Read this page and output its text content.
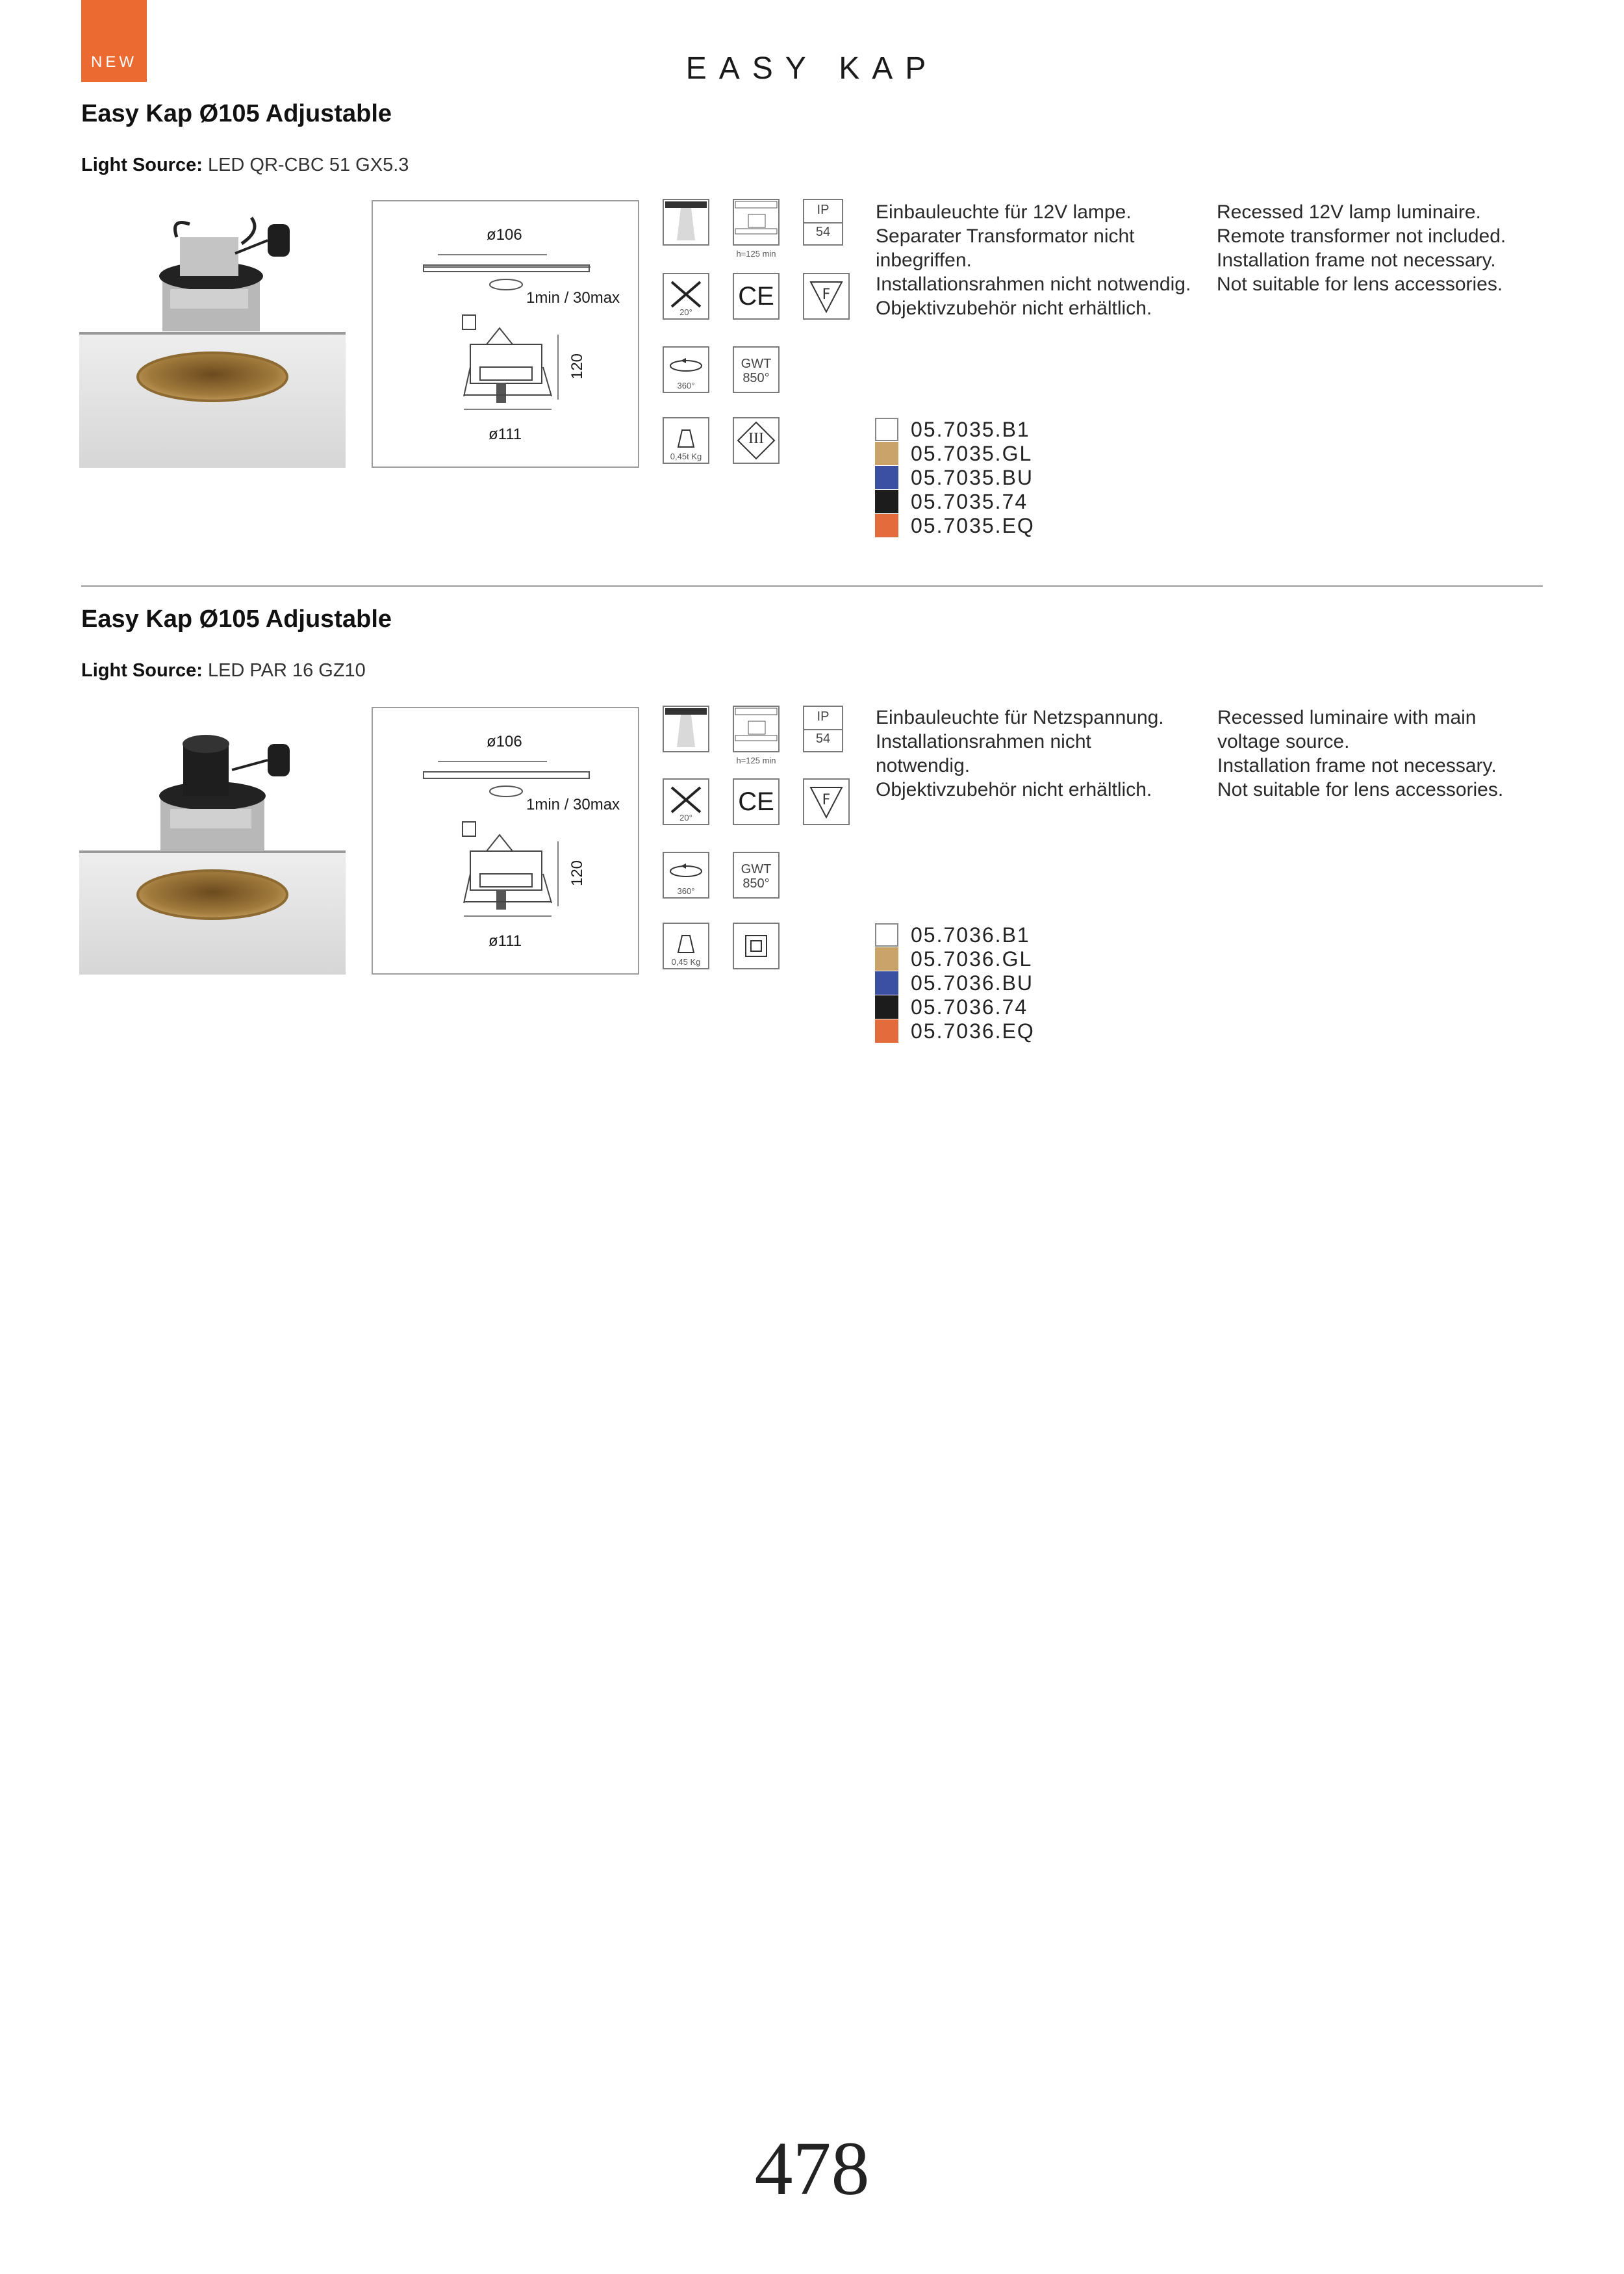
NEW	EASY KAP
Easy Kap Ø105 Adjustable
Light Source: LED QR-CBC 51 GX5.3
ø106
1min / 30max
120
ø111
h=125 min
IP
54
20°
CE	F
360°
GWT
850°
0,45t Kg
III
Einbauleuchte für 12V lampe.
Separater Transformator nicht
inbegriffen.
Installationsrahmen nicht notwendig.
Objektivzubehör nicht erhältlich.
Recessed 12V lamp luminaire.
Remote transformer not included.
Installation frame not necessary.
Not suitable for lens accessories.
05.7035.B1
05.7035.GL
05.7035.BU
05.7035.74
05.7035.EQ
Easy Kap Ø105 Adjustable
Light Source: LED PAR 16 GZ10
ø106
1min / 30max
120
ø111
h=125 min
IP
54
20°
CE	F
360°
GWT
850°
0,45 Kg
Einbauleuchte für Netzspannung.
Installationsrahmen nicht
notwendig.
Objektivzubehör nicht erhältlich.
Recessed luminaire with main
voltage source.
Installation frame not necessary.
Not suitable for lens accessories.
05.7036.B1
05.7036.GL
05.7036.BU
05.7036.74
05.7036.EQ
478
